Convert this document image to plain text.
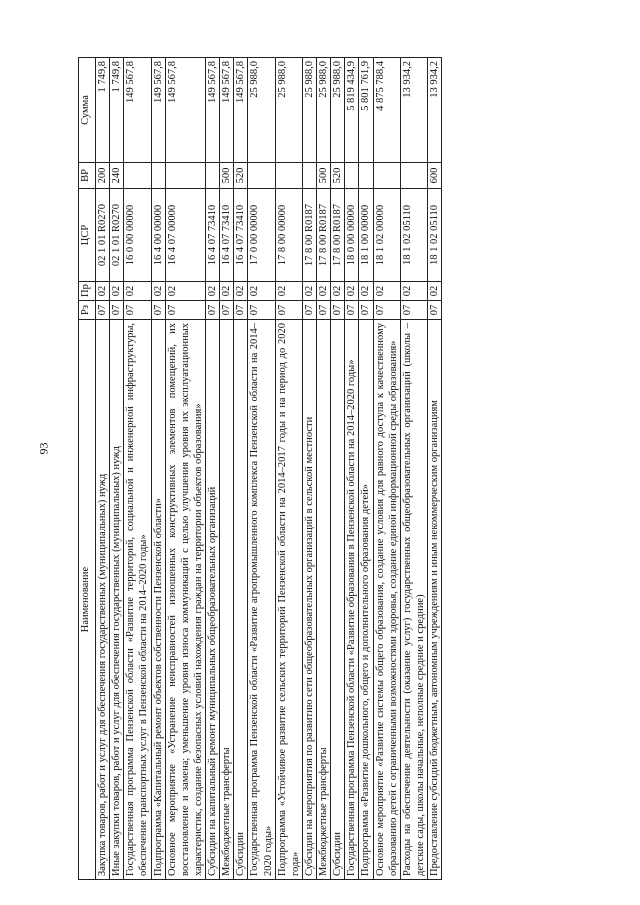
93
Наименование	Рз	Пр	ЦСР	ВР	Сумма
Закупка товаров, работ и услуг для обеспечения государственных (муниципальных) нужд	07	02	02 1 01 R0270	200	1 749,8
Иные закупки товаров, работ и услуг для обеспечения государственных (муниципальных) нужд	07	02	02 1 01 R0270	240	1 749,8
Государственная программа Пензенской области «Развитие территорий, социальной и инженерной инфраструктуры, обеспечение транспортных услуг в Пензенской области на 2014–2020 годы»	07	02	16 0 00 00000		149 567,8
Подпрограмма «Капитальный ремонт объектов собственности Пензенской области»	07	02	16 4 00 00000		149 567,8
Основное мероприятие «Устранение неисправностей изношенных конструктивных элементов помещений, их восстановление и замена; уменьшение уровня износа коммуникаций с целью улучшения уровня их эксплуатационных характеристик, создание безопасных условий нахождения граждан на территории объектов образования»	07	02	16 4 07 00000		149 567,8
Субсидии на капитальный ремонт муниципальных общеобразовательных организаций	07	02	16 4 07 73410		149 567,8
Межбюджетные трансферты	07	02	16 4 07 73410	500	149 567,8
Субсидии	07	02	16 4 07 73410	520	149 567,8
Государственная программа Пензенской области «Развитие агропромышленного комплекса Пензенской области на 2014–2020 годы»	07	02	17 0 00 00000		25 988,0
Подпрограмма «Устойчивое развитие сельских территорий Пензенской области на 2014–2017 годы и на период до 2020 года»	07	02	17 8 00 00000		25 988,0
Субсидии на мероприятия по развитию сети общеобразовательных организаций в сельской местности	07	02	17 8 00 R0187		25 988,0
Межбюджетные трансферты	07	02	17 8 00 R0187	500	25 988,0
Субсидии	07	02	17 8 00 R0187	520	25 988,0
Государственная программа Пензенской области «Развитие образования в Пензенской области на 2014–2020 годы»	07	02	18 0 00 00000		5 819 434,9
Подпрограмма «Развитие дошкольного, общего и дополнительного образования детей»	07	02	18 1 00 00000		5 801 761,9
Основное мероприятие «Развитие системы общего образования, создание условия для равного доступа к качественному образованию детей с ограниченными возможностями здоровья, создание единой информационной среды образования»	07	02	18 1 02 00000		4 875 788,4
Расходы на обеспечение деятельности (оказание услуг) государственных общеобразовательных организаций (школы – детские сады, школы начальные, неполные средние и средние)	07	02	18 1 02 05110		13 934,2
Предоставление субсидий бюджетным, автономным учреждениям и иным некоммерческим организациям	07	02	18 1 02 05110	600	13 934,2
